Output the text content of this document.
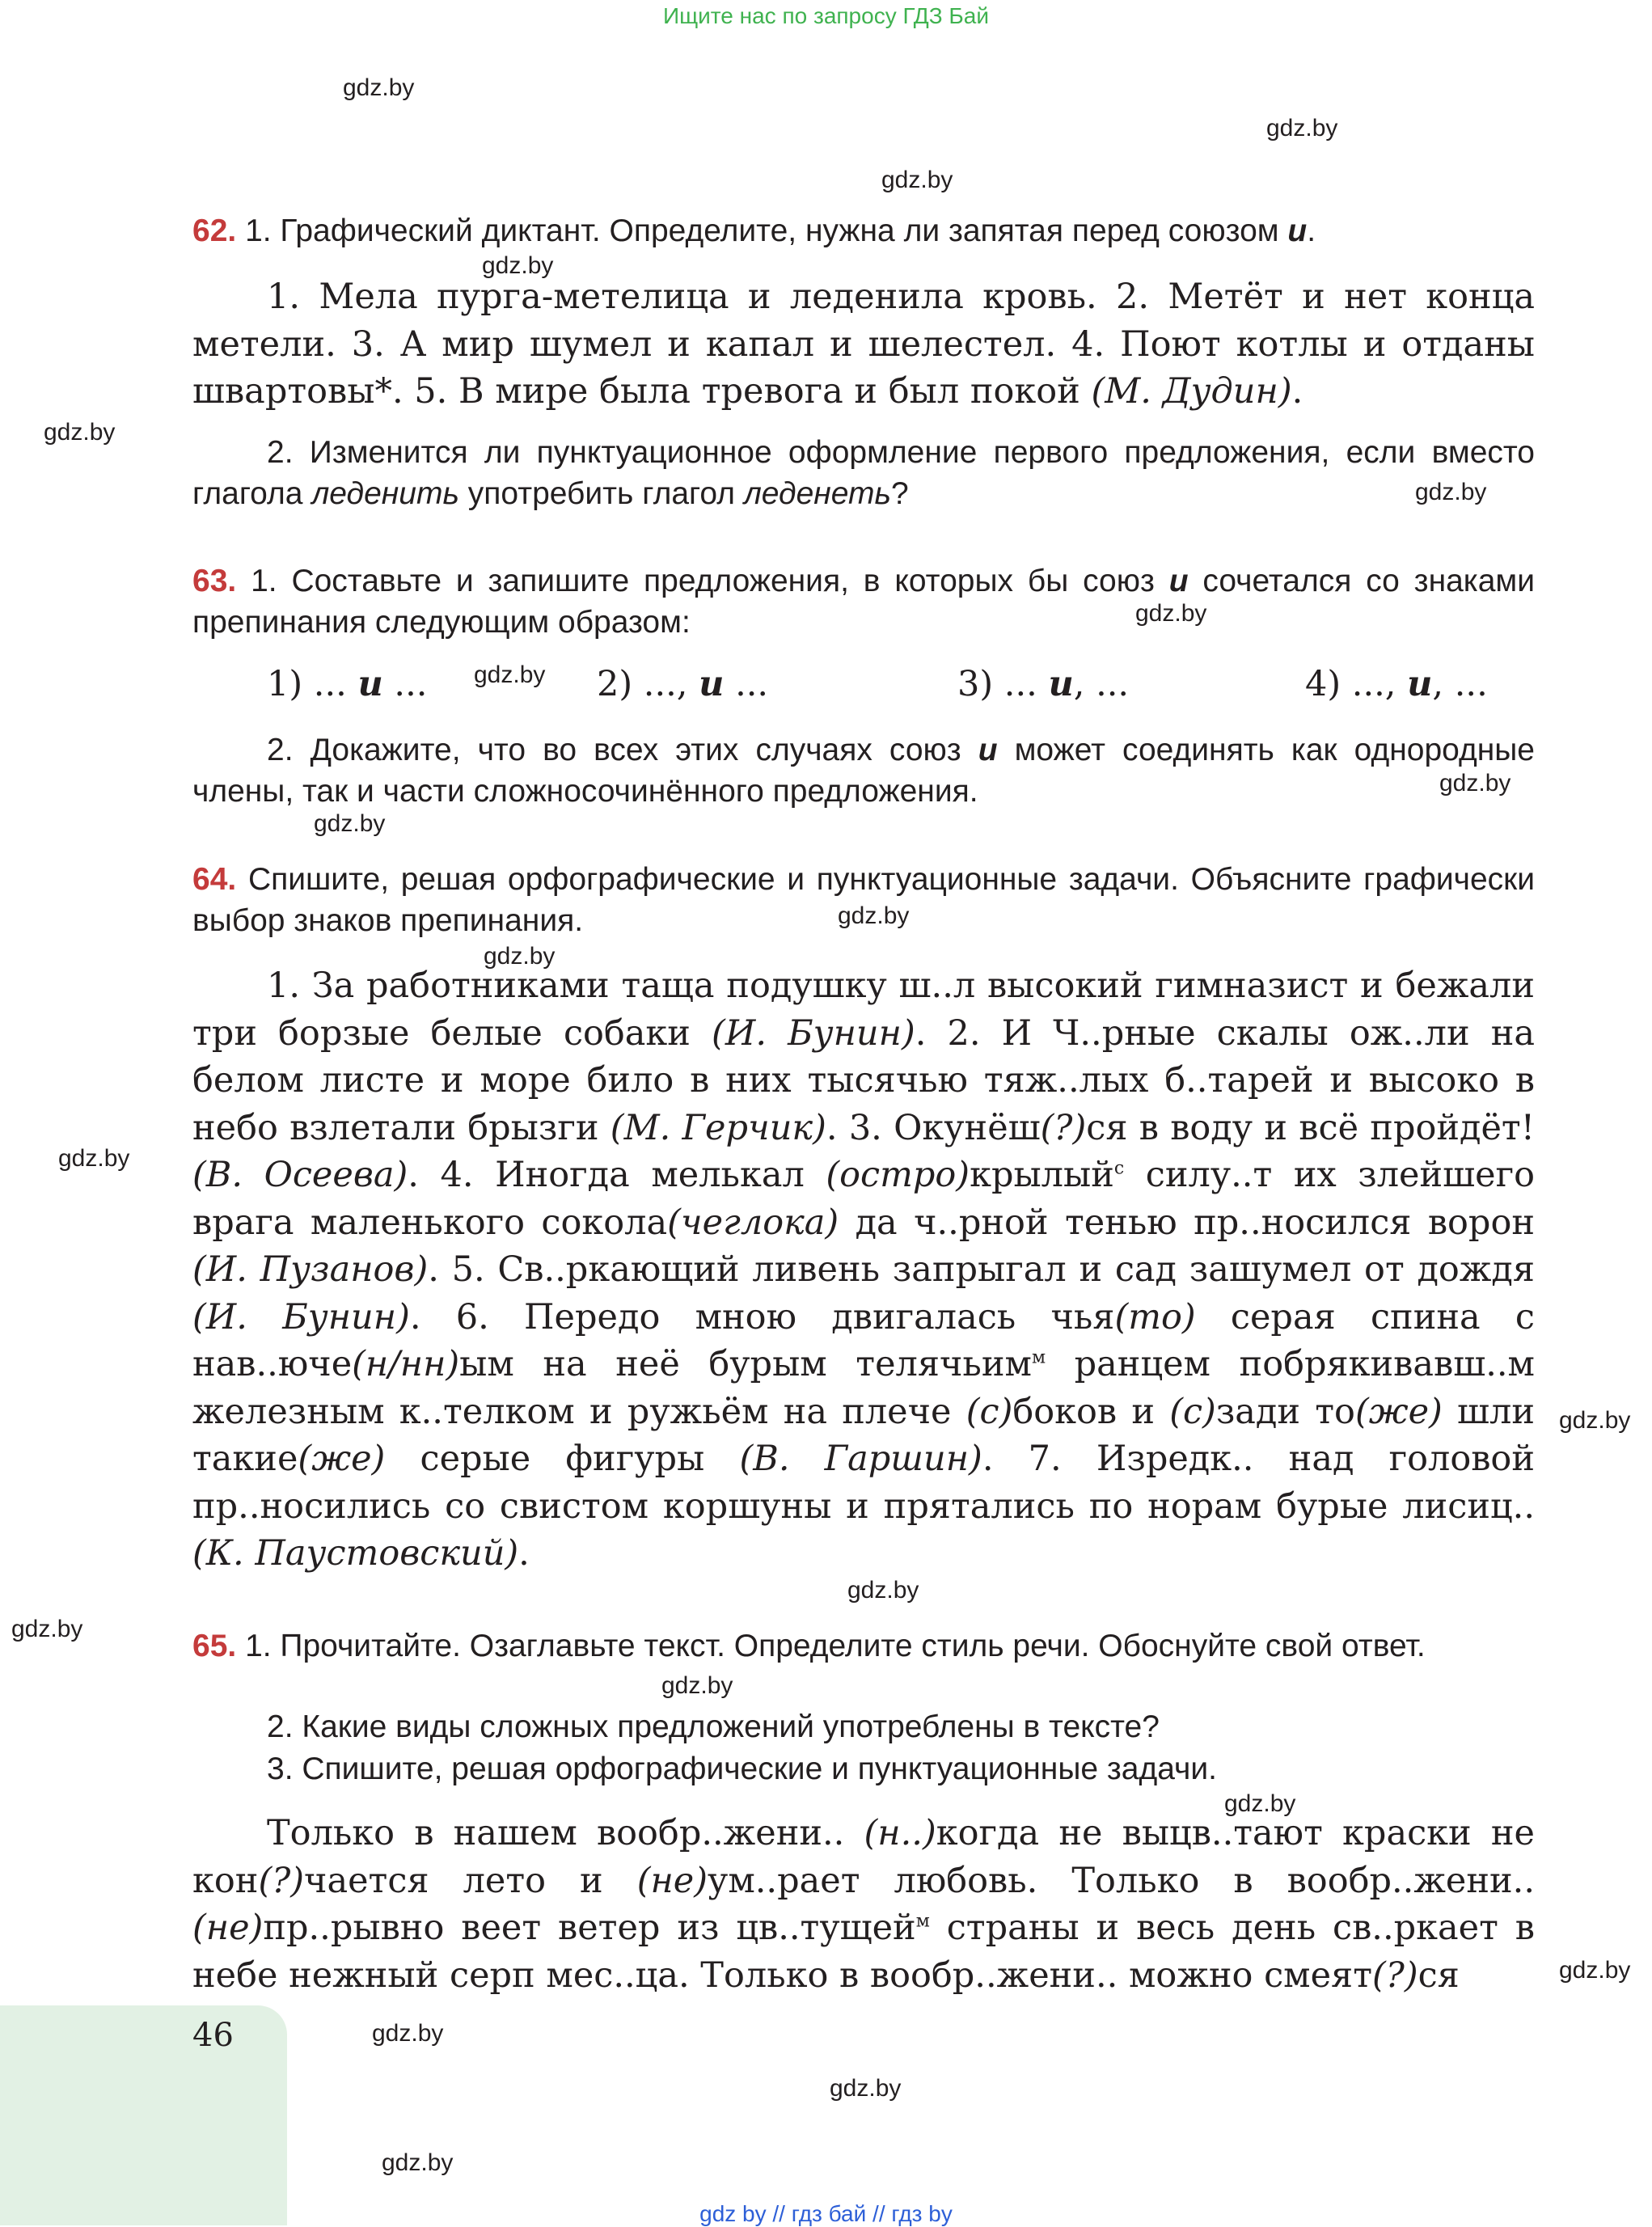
Ищите нас по запросу ГДЗ Бай
gdz.by
gdz.by
gdz.by
gdz.by
gdz.by
gdz.by
gdz.by
gdz.by
gdz.by
gdz.by
gdz.by
gdz.by
gdz.by
gdz.by
gdz.by
gdz.by
gdz.by
gdz.by
gdz.by
gdz.by
gdz.by
gdz.by
62. 1. Графический диктант. Определите, нужна ли запятая перед союзом и.
1. Мела пурга-метелица и леденила кровь. 2. Метёт и нет конца метели. 3. А мир шумел и капал и шелестел. 4. Поют котлы и отданы швартовы*. 5. В мире была тревога и был покой (М. Дудин).
2. Изменится ли пунктуационное оформление первого предложения, если вместо глагола леденить употребить глагол леденеть?
63. 1. Составьте и запишите предложения, в которых бы союз и сочетался со знаками препинания следующим образом:
1) ... и ...	2) ..., и ...	3) ... и, ...	4) ..., и, ...
2. Докажите, что во всех этих случаях союз и может соединять как однородные члены, так и части сложносочинённого предложения.
64. Спишите, решая орфографические и пунктуационные задачи. Объясните графически выбор знаков препинания.
1. За работниками таща подушку ш..л высокий гимназист и бежали три борзые белые собаки (И. Бунин). 2. И Ч..рные скалы ож..ли на белом листе и море било в них тысячью тяж..лых б..тарей и высоко в небо взлетали брызги (М. Герчик). 3. Окунёш(?)ся в воду и всё пройдёт! (В. Осеева). 4. Иногда мелькал (остро)крылый$^с$ силу..т их злейшего врага маленького сокола(чеглока) да ч..рной тенью пр..носился ворон (И. Пузанов). 5. Св..ркающий ливень запрыгал и сад зашумел от дождя (И. Бунин). 6. Передо мною двигалась чья(то) серая спина с нав..юче(н/нн)ым на неё бурым телячьим$^м$ ранцем побрякивавш..м железным к..телком и ружьём на плече (с)боков и (с)зади то(же) шли такие(же) серые фигуры (В. Гаршин). 7. Изредк.. над головой пр..носились со свистом коршуны и прятались по норам бурые лисиц.. (К. Паустовский).
65. 1. Прочитайте. Озаглавьте текст. Определите стиль речи. Обоснуйте свой ответ.
2. Какие виды сложных предложений употреблены в тексте?
3. Спишите, решая орфографические и пунктуационные задачи.
Только в нашем вообр..жени.. (н..)когда не выцв..тают краски не кон(?)чается лето и (не)ум..рает любовь. Только в вообр..жени.. (не)пр..рывно веет ветер из цв..тущей$^м$ страны и весь день св..ркает в небе нежный серп мес..ца. Только в вообр..жени.. можно смеят(?)ся
46
gdz by // гдз бай // гдз by
